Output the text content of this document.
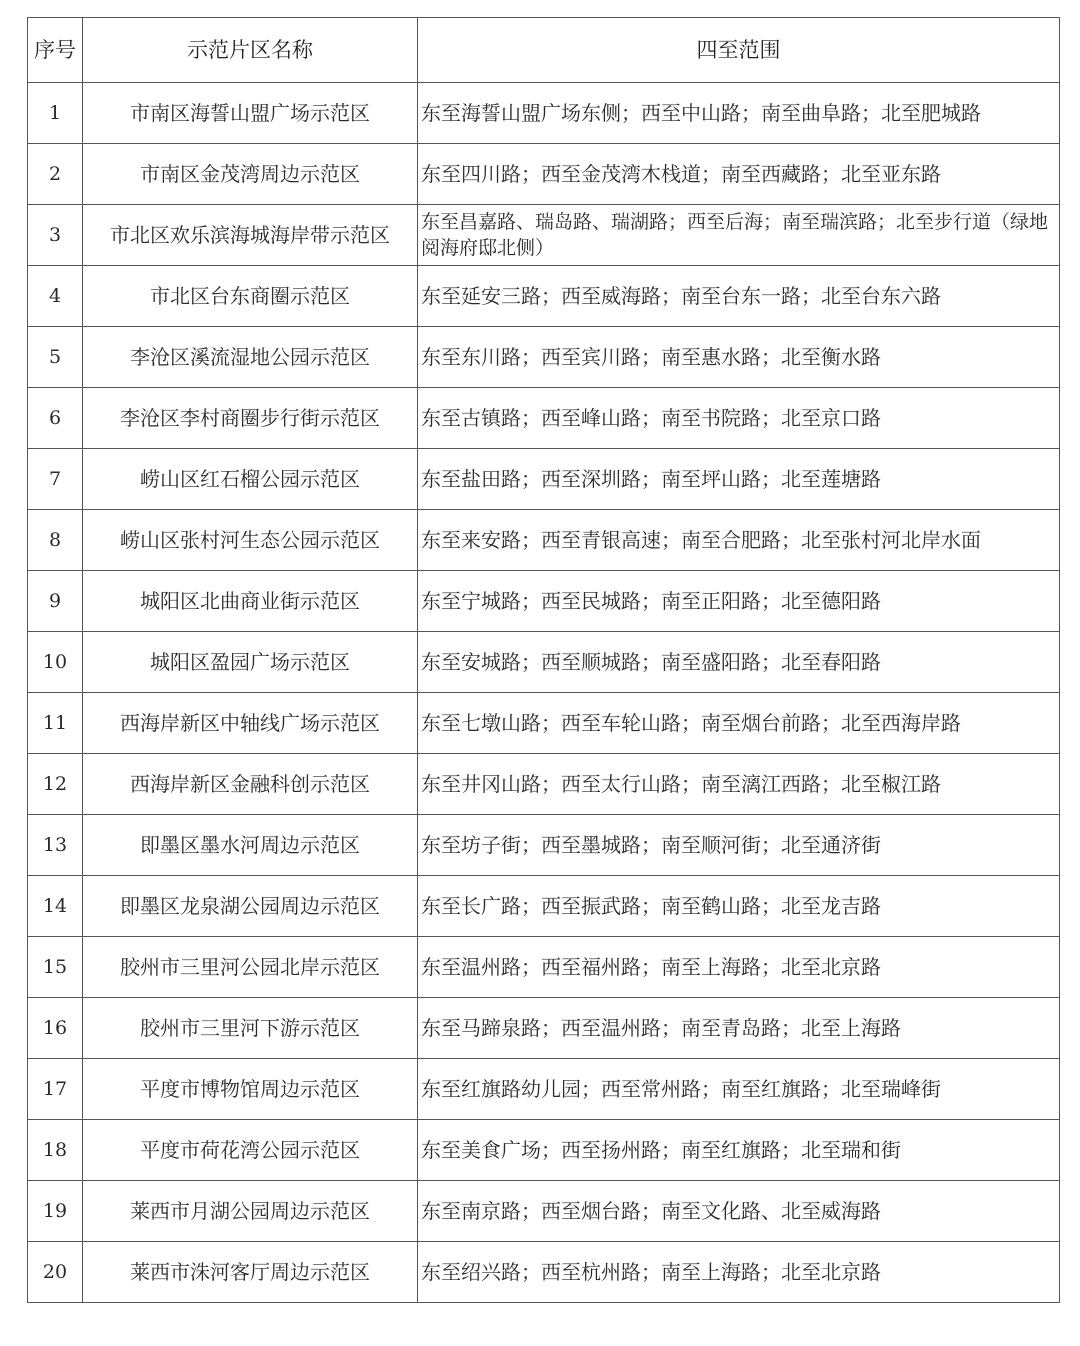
序号	示范片区名称	四至范围
1	市南区海誓山盟广场示范区	东至海誓山盟广场东侧；西至中山路；南至曲阜路；北至肥城路
2	市南区金茂湾周边示范区	东至四川路；西至金茂湾木栈道；南至西藏路；北至亚东路
3	市北区欢乐滨海城海岸带示范区	东至昌嘉路、瑞岛路、瑞湖路；西至后海；南至瑞滨路；北至步行道（绿地阅海府邸北侧）
4	市北区台东商圈示范区	东至延安三路；西至威海路；南至台东一路；北至台东六路
5	李沧区溪流湿地公园示范区	东至东川路；西至宾川路；南至惠水路；北至衡水路
6	李沧区李村商圈步行街示范区	东至古镇路；西至峰山路；南至书院路；北至京口路
7	崂山区红石榴公园示范区	东至盐田路；西至深圳路；南至坪山路；北至莲塘路
8	崂山区张村河生态公园示范区	东至来安路；西至青银高速；南至合肥路；北至张村河北岸水面
9	城阳区北曲商业街示范区	东至宁城路；西至民城路；南至正阳路；北至德阳路
10	城阳区盈园广场示范区	东至安城路；西至顺城路；南至盛阳路；北至春阳路
11	西海岸新区中轴线广场示范区	东至七墩山路；西至车轮山路；南至烟台前路；北至西海岸路
12	西海岸新区金融科创示范区	东至井冈山路；西至太行山路；南至漓江西路；北至椒江路
13	即墨区墨水河周边示范区	东至坊子街；西至墨城路；南至顺河街；北至通济街
14	即墨区龙泉湖公园周边示范区	东至长广路；西至振武路；南至鹤山路；北至龙吉路
15	胶州市三里河公园北岸示范区	东至温州路；西至福州路；南至上海路；北至北京路
16	胶州市三里河下游示范区	东至马蹄泉路；西至温州路；南至青岛路；北至上海路
17	平度市博物馆周边示范区	东至红旗路幼儿园；西至常州路；南至红旗路；北至瑞峰街
18	平度市荷花湾公园示范区	东至美食广场；西至扬州路；南至红旗路；北至瑞和街
19	莱西市月湖公园周边示范区	东至南京路；西至烟台路；南至文化路、北至威海路
20	莱西市洙河客厅周边示范区	东至绍兴路；西至杭州路；南至上海路；北至北京路
